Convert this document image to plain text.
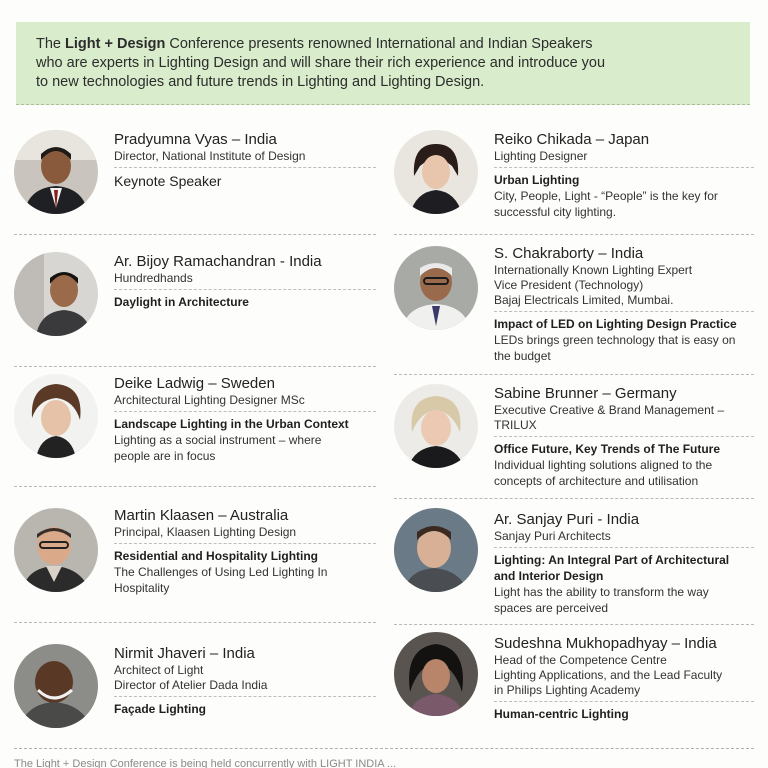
The Light + Design Conference presents renowned International and Indian Speakers
who are experts in Lighting Design and will share their rich experience and introduce you
to new technologies and future trends in Lighting and Lighting Design.
Pradyumna Vyas – India
Director, National Institute of Design
Keynote Speaker
Ar. Bijoy Ramachandran - India
Hundredhands
Daylight in Architecture
Deike Ladwig – Sweden
Architectural Lighting Designer MSc
Landscape Lighting in the Urban Context
Lighting as a social instrument – where
people are in focus
Martin Klaasen – Australia
Principal, Klaasen Lighting Design
Residential and Hospitality Lighting
The Challenges of Using Led Lighting In
Hospitality
Nirmit Jhaveri – India
Architect of Light
Director of Atelier Dada India
Façade Lighting
Reiko Chikada – Japan
Lighting Designer
Urban Lighting
City, People, Light - “People” is the key for
successful city lighting.
S. Chakraborty – India
Internationally Known Lighting Expert
Vice President (Technology)
Bajaj Electricals Limited, Mumbai.
Impact of LED on Lighting Design Practice
LEDs brings green technology that is easy on
the budget
Sabine Brunner – Germany
Executive Creative & Brand Management –
TRILUX
Office Future, Key Trends of The Future
Individual lighting solutions aligned to the
concepts of architecture and utilisation
Ar. Sanjay Puri - India
Sanjay Puri Architects
Lighting: An Integral Part of Architectural
and Interior Design
Light has the ability to transform the way
spaces are perceived
Sudeshna Mukhopadhyay – India
Head of the Competence Centre
Lighting Applications, and the Lead Faculty
in Philips Lighting Academy
Human-centric Lighting
The Light + Design Conference is being held concurrently with LIGHT INDIA ...
